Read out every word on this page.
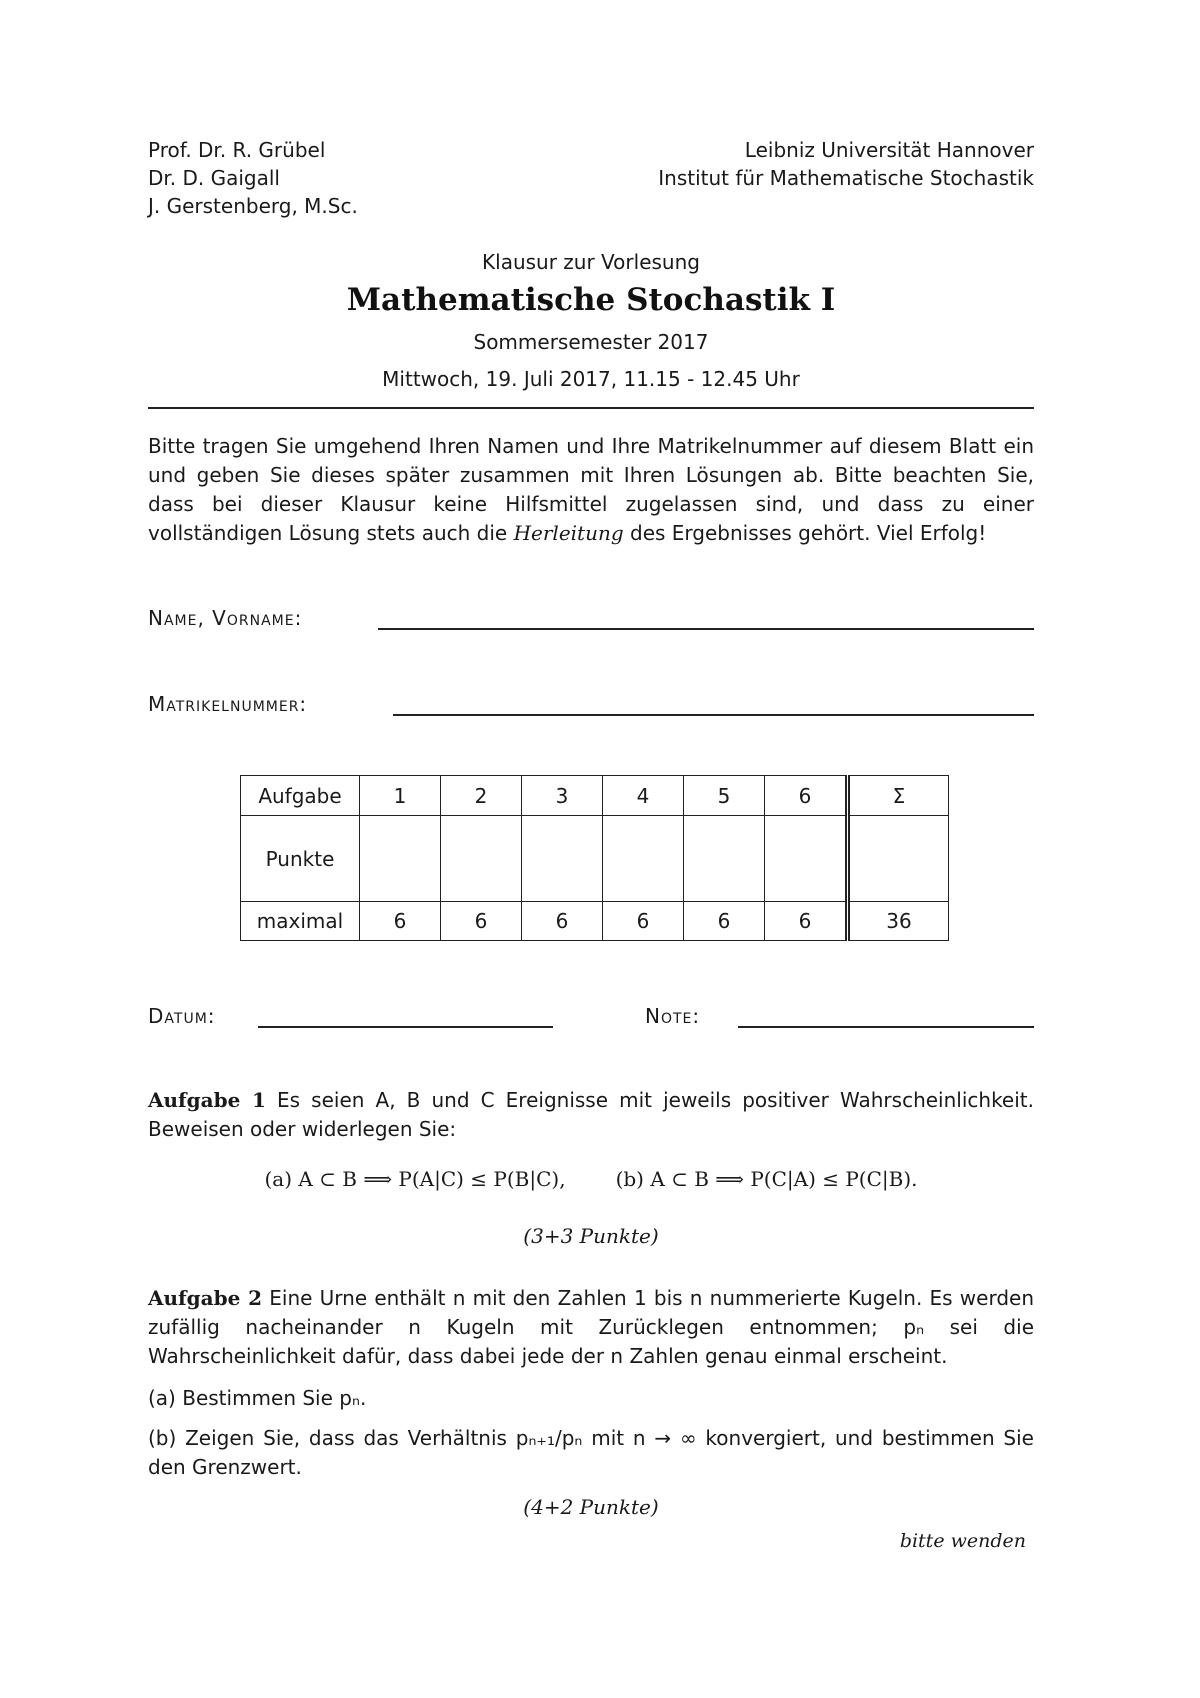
Prof. Dr. R. Grübel
Dr. D. Gaigall
J. Gerstenberg, M.Sc.
Leibniz Universität Hannover
Institut für Mathematische Stochastik
Klausur zur Vorlesung
Mathematische Stochastik I
Sommersemester 2017
Mittwoch, 19. Juli 2017, 11.15 - 12.45 Uhr
Bitte tragen Sie umgehend Ihren Namen und Ihre Matrikelnummer auf diesem Blatt ein und geben Sie dieses später zusammen mit Ihren Lösungen ab. Bitte beachten Sie, dass bei dieser Klausur keine Hilfsmittel zugelassen sind, und dass zu einer vollständigen Lösung stets auch die Herleitung des Ergebnisses gehört. Viel Erfolg!
Name, Vorname:
Matrikelnummer:
Aufgabe	1	2	3	4	5	6	Σ
Punkte							
maximal	6	6	6	6	6	6	36
Datum:	Note:
Aufgabe 1 Es seien A, B und C Ereignisse mit jeweils positiver Wahrscheinlichkeit. Beweisen oder widerlegen Sie:
(a) A ⊂ B ⟹ P(A|C) ≤ P(B|C),	(b) A ⊂ B ⟹ P(C|A) ≤ P(C|B).
(3+3 Punkte)
Aufgabe 2 Eine Urne enthält n mit den Zahlen 1 bis n nummerierte Kugeln. Es werden zufällig nacheinander n Kugeln mit Zurücklegen entnommen; pₙ sei die Wahrscheinlichkeit dafür, dass dabei jede der n Zahlen genau einmal erscheint.
(a) Bestimmen Sie pₙ.
(b) Zeigen Sie, dass das Verhältnis pₙ₊₁/pₙ mit n → ∞ konvergiert, und bestimmen Sie den Grenzwert.
(4+2 Punkte)
bitte wenden
